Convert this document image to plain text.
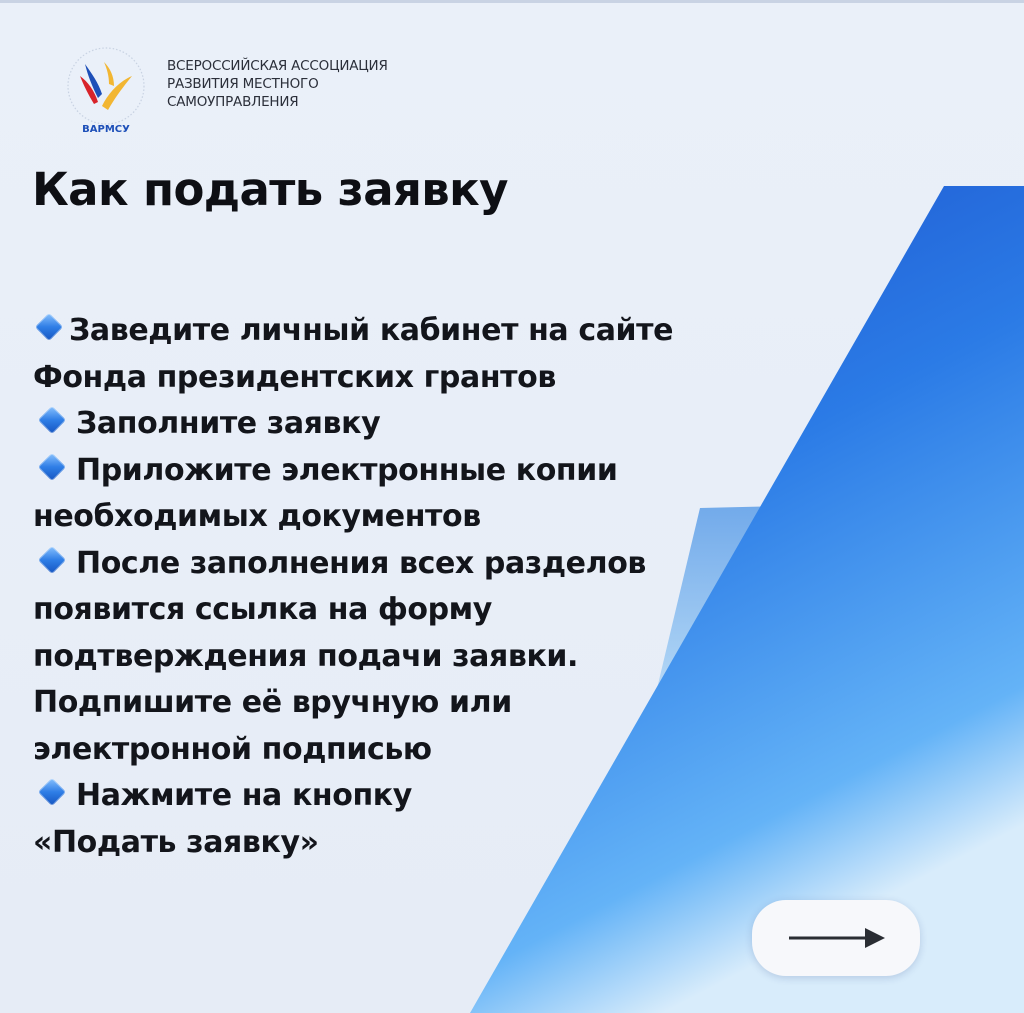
ВАРМСУ
ВСЕРОССИЙСКАЯ АССОЦИАЦИЯ
РАЗВИТИЯ МЕСТНОГО
САМОУПРАВЛЕНИЯ
Как подать заявку
Заведите личный кабинет на сайте
Фонда президентских грантов
Заполните заявку
Приложите электронные копии
необходимых документов
После заполнения всех разделов
появится ссылка на форму
подтверждения подачи заявки.
Подпишите её вручную или
электронной подписью
Нажмите на кнопку
«Подать заявку»
